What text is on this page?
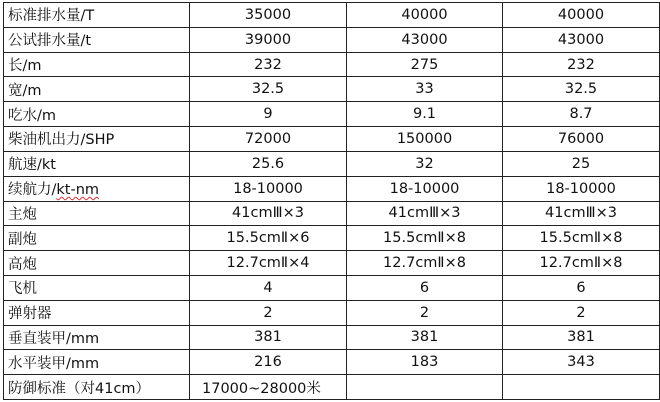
标准排水量/T	35000	40000	40000
公试排水量/t	39000	43000	43000
长/m	232	275	232
宽/m	32.5	33	32.5
吃水/m	9	9.1	8.7
柴油机出力/SHP	72000	150000	76000
航速/kt	25.6	32	25
续航力/kt-nm	18-10000	18-10000	18-10000
主炮	41cmⅢ×3	41cmⅢ×3	41cmⅢ×3
副炮	15.5cmⅡ×6	15.5cmⅡ×8	15.5cmⅡ×8
高炮	12.7cmⅡ×4	12.7cmⅡ×8	12.7cmⅡ×8
飞机	4	6	6
弹射器	2	2	2
垂直装甲/mm	381	381	381
水平装甲/mm	216	183	343
防御标准（对41cm）	17000~28000米		
